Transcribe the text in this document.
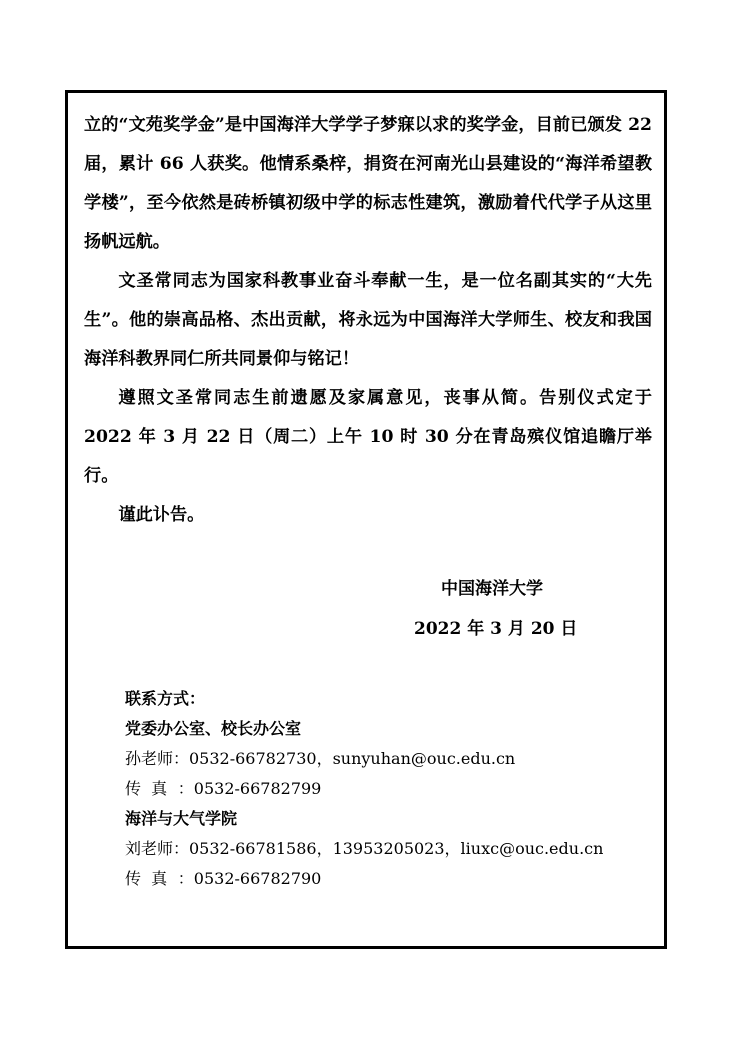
立的“文苑奖学金”是中国海洋大学学子梦寐以求的奖学金，目前已颁发 22 届，累计 66 人获奖。他情系桑梓，捐资在河南光山县建设的“海洋希望教学楼”，至今依然是砖桥镇初级中学的标志性建筑，激励着代代学子从这里扬帆远航。

文圣常同志为国家科教事业奋斗奉献一生，是一位名副其实的“大先生”。他的崇高品格、杰出贡献，将永远为中国海洋大学师生、校友和我国海洋科教界同仁所共同景仰与铭记！

遵照文圣常同志生前遗愿及家属意见，丧事从简。告别仪式定于 2022 年 3 月 22 日（周二）上午 10 时 30 分在青岛殡仪馆追瞻厅举行。

谨此讣告。

中国海洋大学
2022 年 3 月 20 日
联系方式：
党委办公室、校长办公室
孙老师：0532-66782730，sunyuhan@ouc.edu.cn
传  真 ：0532-66782799
海洋与大气学院
刘老师：0532-66781586，13953205023，liuxc@ouc.edu.cn
传  真 ：0532-66782790
